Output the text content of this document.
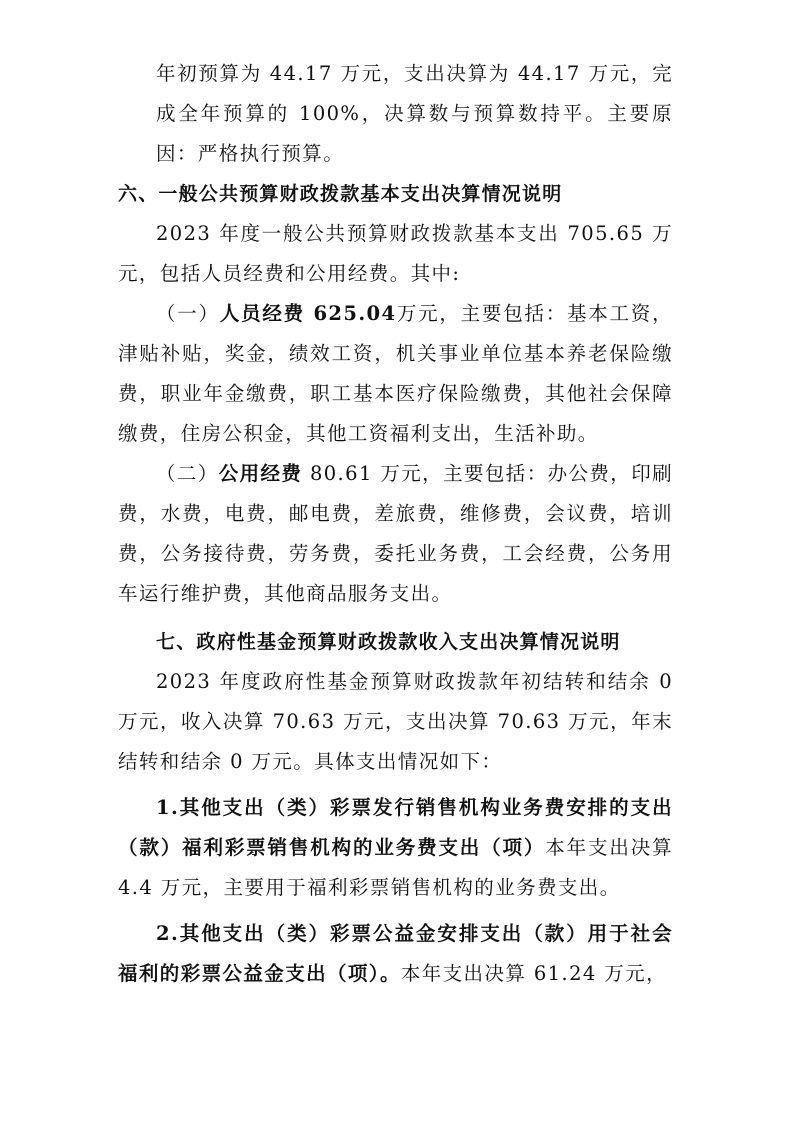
年初预算为 44.17 万元，支出决算为 44.17 万元，完成全年预算的 100%，决算数与预算数持平。主要原因：严格执行预算。

六、一般公共预算财政拨款基本支出决算情况说明

2023 年度一般公共预算财政拨款基本支出 705.65 万元，包括人员经费和公用经费。其中:

（一）人员经费 625.04万元，主要包括：基本工资，津贴补贴，奖金，绩效工资，机关事业单位基本养老保险缴费，职业年金缴费，职工基本医疗保险缴费，其他社会保障缴费，住房公积金，其他工资福利支出，生活补助。

（二）公用经费 80.61 万元，主要包括：办公费，印刷费，水费，电费，邮电费，差旅费，维修费，会议费，培训费，公务接待费，劳务费，委托业务费，工会经费，公务用车运行维护费，其他商品服务支出。

七、政府性基金预算财政拨款收入支出决算情况说明

2023 年度政府性基金预算财政拨款年初结转和结余 0 万元，收入决算 70.63 万元，支出决算 70.63 万元，年末结转和结余 0 万元。具体支出情况如下：

1.其他支出（类）彩票发行销售机构业务费安排的支出（款）福利彩票销售机构的业务费支出（项）本年支出决算 4.4 万元，主要用于福利彩票销售机构的业务费支出。

2.其他支出（类）彩票公益金安排支出（款）用于社会福利的彩票公益金支出（项）。本年支出决算 61.24 万元，
